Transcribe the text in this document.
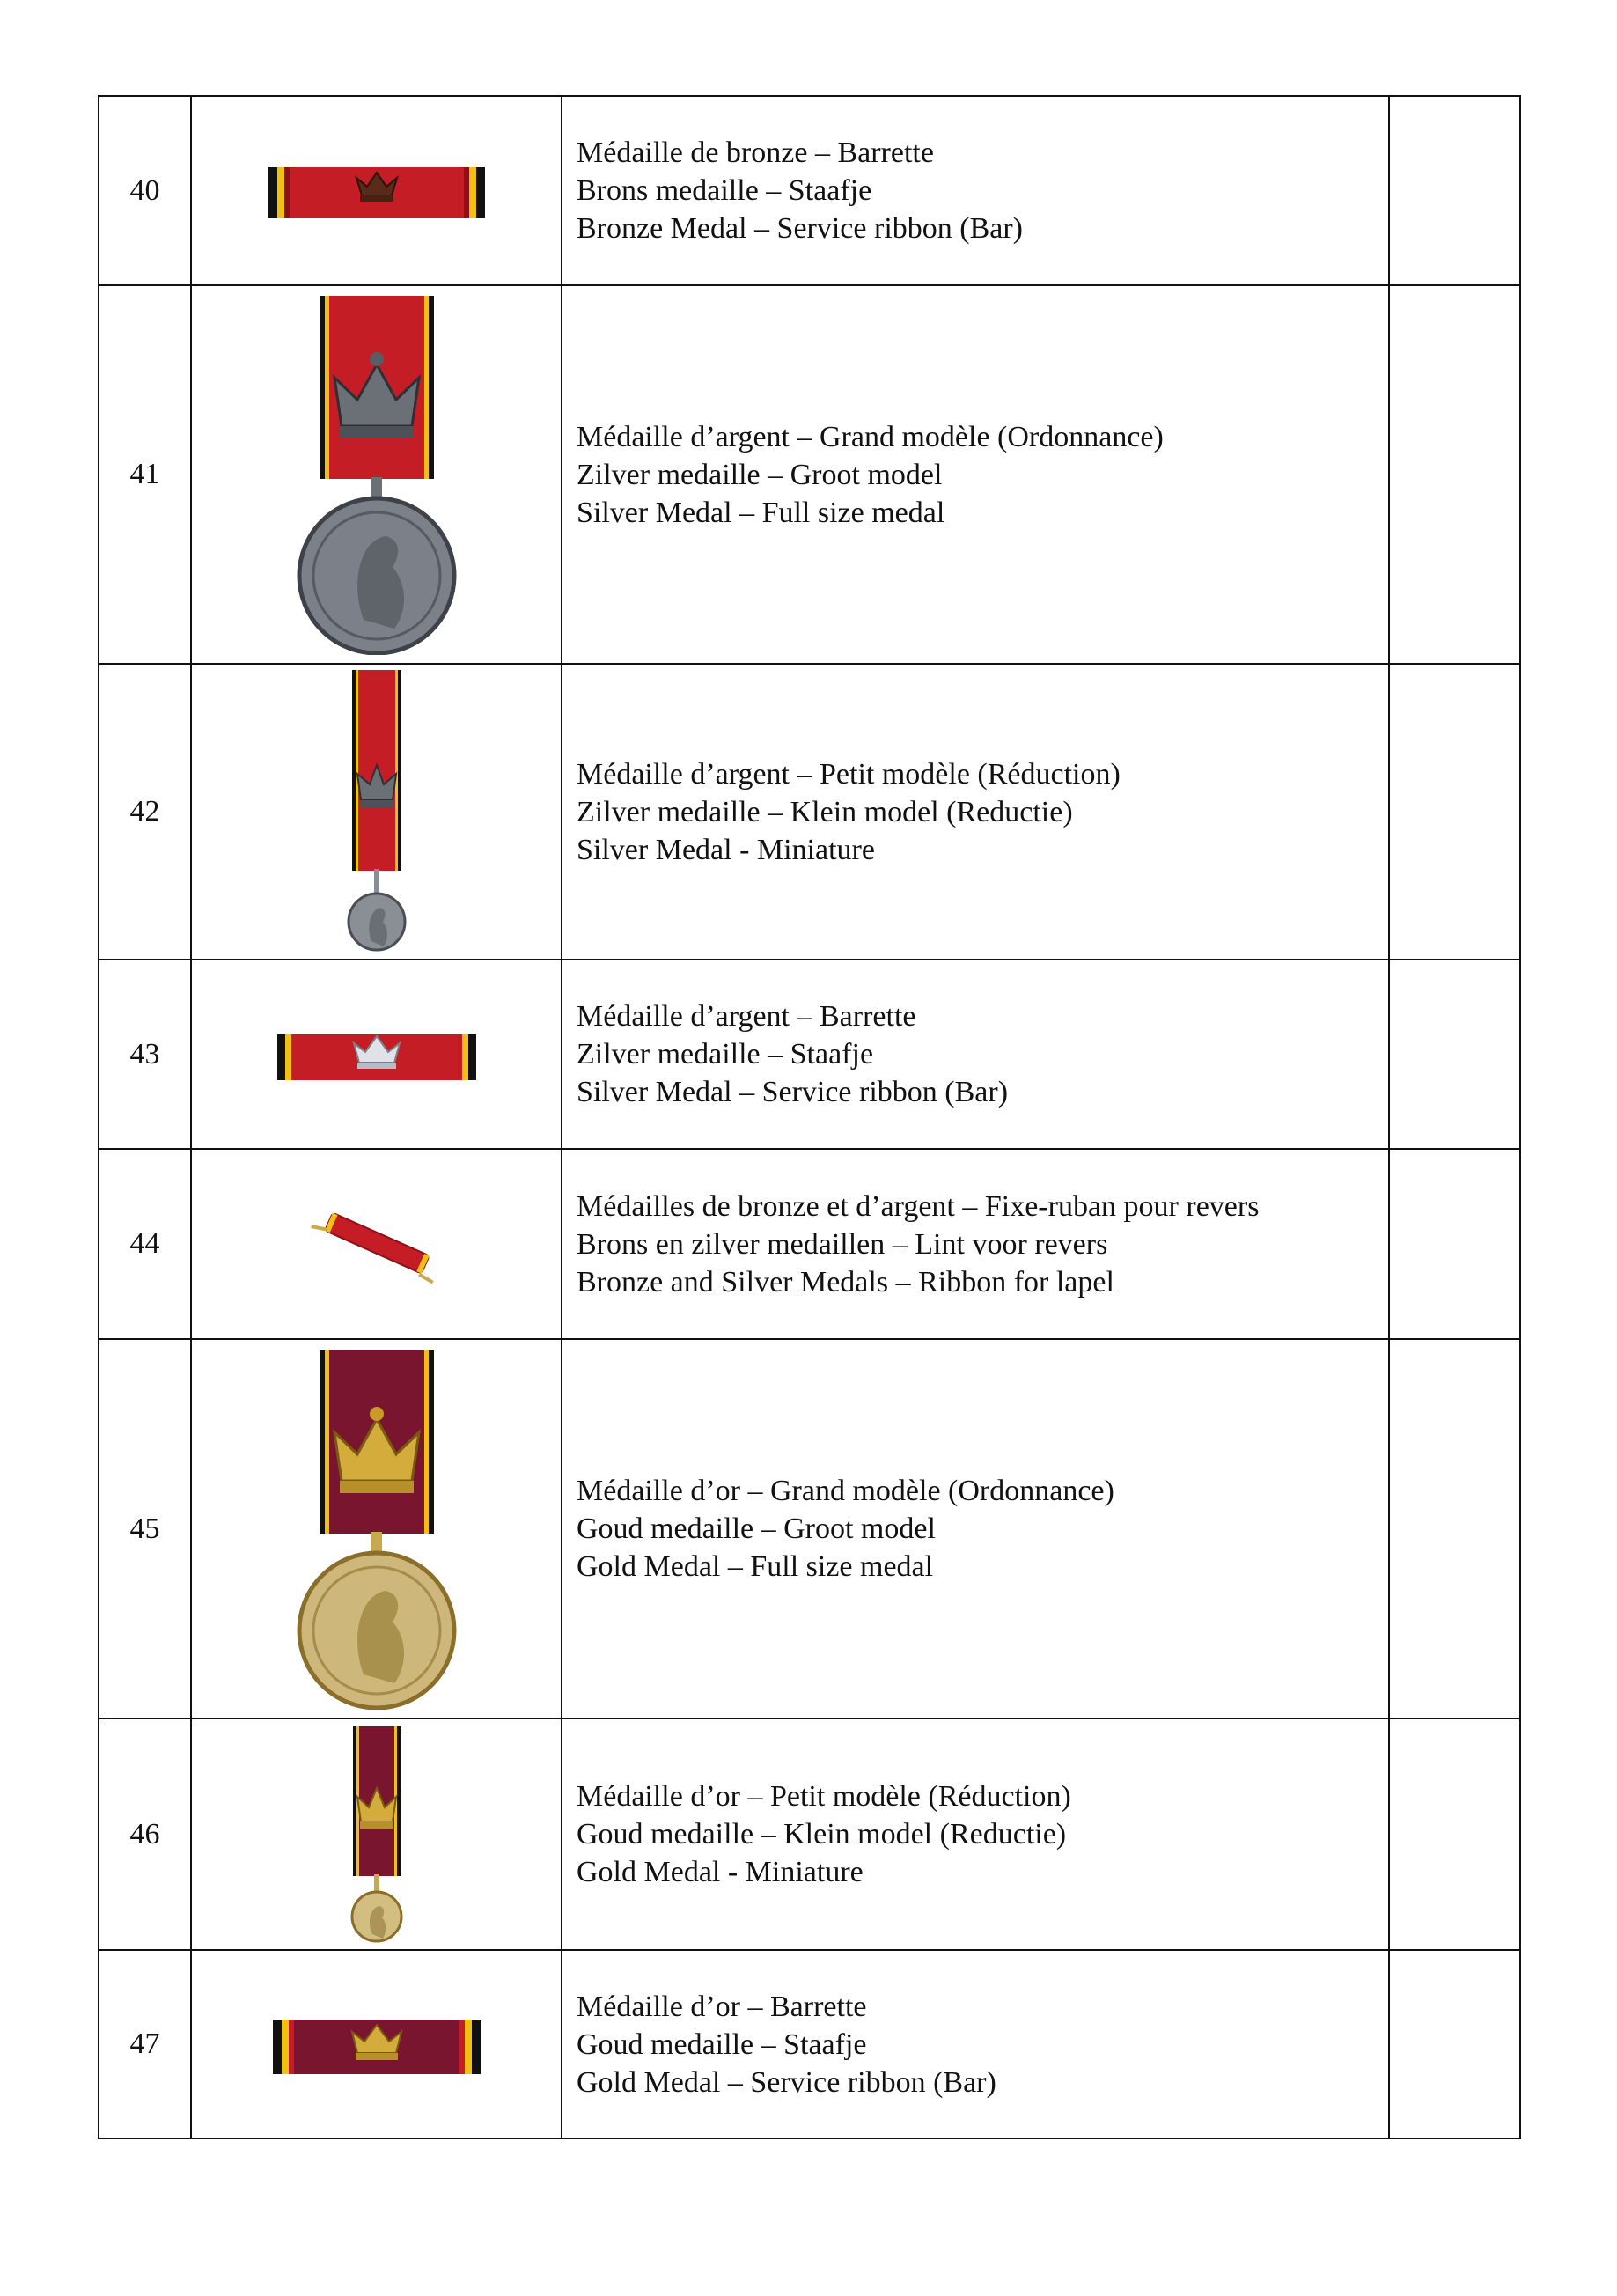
40		Médaille de bronze – Barrette
Brons medaille – Staafje
Bronze Medal – Service ribbon (Bar)	

41		Médaille d’argent – Grand modèle (Ordonnance)
Zilver medaille – Groot model
Silver Medal – Full size medal	

42		Médaille d’argent – Petit modèle (Réduction)
Zilver medaille – Klein model (Reductie)
Silver Medal - Miniature	

43		Médaille d’argent – Barrette
Zilver medaille – Staafje
Silver Medal – Service ribbon (Bar)	

44		Médailles de bronze et d’argent – Fixe-ruban pour revers
Brons en zilver medaillen – Lint voor revers
Bronze and Silver Medals – Ribbon for lapel	

45		Médaille d’or – Grand modèle (Ordonnance)
Goud medaille – Groot model
Gold Medal – Full size medal	

46		Médaille d’or – Petit modèle (Réduction)
Goud medaille – Klein model (Reductie)
Gold Medal - Miniature	

47		Médaille d’or – Barrette
Goud medaille – Staafje
Gold Medal – Service ribbon (Bar)	
